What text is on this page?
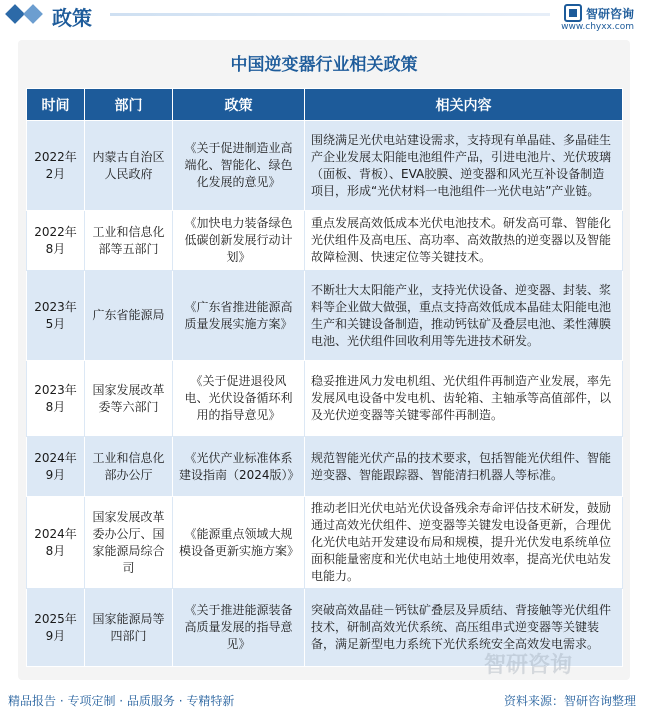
政策	智研咨询
www.chyxx.com
中国逆变器行业相关政策
时间	部门	政策	相关内容
2022年2月	内蒙古自治区人民政府	《关于促进制造业高端化、智能化、绿色化发展的意见》	围绕满足光伏电站建设需求，支持现有单晶硅、多晶硅生产企业发展太阳能电池组件产品，引进电池片、光伏玻璃（面板、背板）、EVA胶膜、逆变器和风光互补设备制造项目，形成“光伏材料一电池组件一光伏电站”产业链。
2022年8月	工业和信息化部等五部门	《加快电力装备绿色低碳创新发展行动计划》	重点发展高效低成本光伏电池技术。研发高可靠、智能化光伏组件及高电压、高功率、高效散热的逆变器以及智能故障检测、快速定位等关键技术。
2023年5月	广东省能源局	《广东省推进能源高质量发展实施方案》	不断壮大太阳能产业，支持光伏设备、逆变器、封装、浆料等企业做大做强，重点支持高效低成本晶硅太阳能电池生产和关键设备制造，推动钙钛矿及叠层电池、柔性薄膜电池、光伏组件回收利用等先进技术研发。
2023年8月	国家发展改革委等六部门	《关于促进退役风电、光伏设备循环利用的指导意见》	稳妥推进风力发电机组、光伏组件再制造产业发展，率先发展风电设备中发电机、齿轮箱、主轴承等高值部件，以及光伏逆变器等关键零部件再制造。
2024年9月	工业和信息化部办公厅	《光伏产业标准体系建设指南（2024版）》	规范智能光伏产品的技术要求，包括智能光伏组件、智能逆变器、智能跟踪器、智能清扫机器人等标准。
2024年8月	国家发展改革委办公厅、国家能源局综合司	《能源重点领域大规模设备更新实施方案》	推动老旧光伏电站光伏设备残余寿命评估技术研发，鼓励通过高效光伏组件、逆变器等关键发电设备更新，合理优化光伏电站开发建设布局和规模，提升光伏发电系统单位面积能量密度和光伏电站土地使用效率，提高光伏电站发电能力。
2025年9月	国家能源局等四部门	《关于推进能源装备高质量发展的指导意见》	突破高效晶硅－钙钛矿叠层及异质结、背接触等光伏组件技术，研制高效光伏系统、高压组串式逆变器等关键装备，满足新型电力系统下光伏系统安全高效发电需求。
智研咨询
精品报告 · 专项定制 · 品质服务 · 专精特新	资料来源：智研咨询整理
